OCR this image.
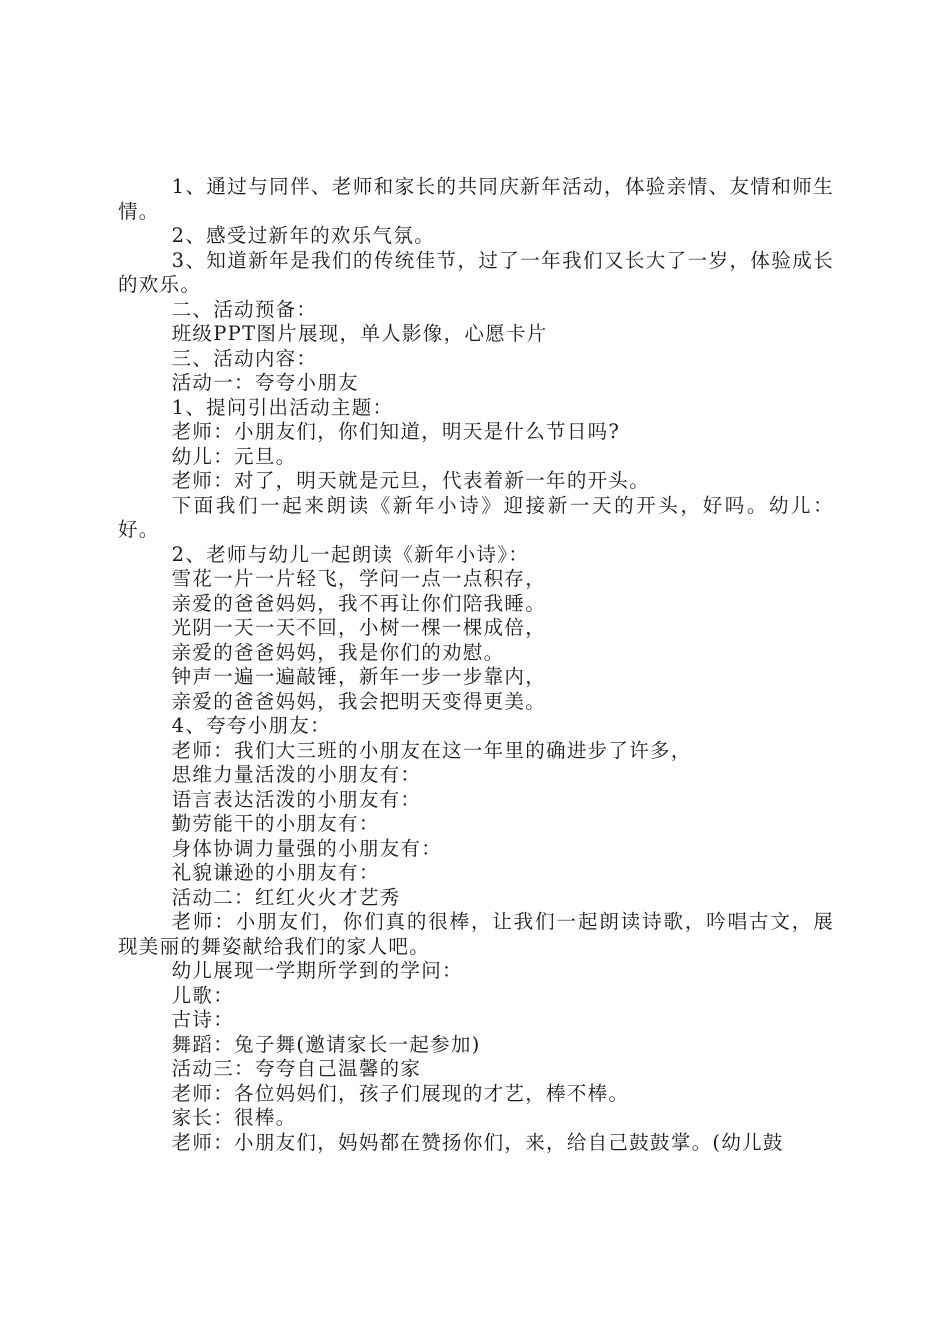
1、通过与同伴、老师和家长的共同庆新年活动，体验亲情、友情和师生情。

2、感受过新年的欢乐气氛。

3、知道新年是我们的传统佳节，过了一年我们又长大了一岁，体验成长的欢乐。

二、活动预备：

班级PPT图片展现，单人影像，心愿卡片

三、活动内容：

活动一：夸夸小朋友

1、提问引出活动主题：

老师：小朋友们，你们知道，明天是什么节日吗?

幼儿：元旦。

老师：对了，明天就是元旦，代表着新一年的开头。

下面我们一起来朗读《新年小诗》迎接新一天的开头，好吗。幼儿：好。

2、老师与幼儿一起朗读《新年小诗》：

雪花一片一片轻飞，学问一点一点积存，

亲爱的爸爸妈妈，我不再让你们陪我睡。

光阴一天一天不回，小树一棵一棵成倍，

亲爱的爸爸妈妈，我是你们的劝慰。

钟声一遍一遍敲锤，新年一步一步靠内，

亲爱的爸爸妈妈，我会把明天变得更美。

4、夸夸小朋友：

老师：我们大三班的小朋友在这一年里的确进步了许多，

思维力量活泼的小朋友有：

语言表达活泼的小朋友有：

勤劳能干的小朋友有：

身体协调力量强的小朋友有：

礼貌谦逊的小朋友有：

活动二：红红火火才艺秀

老师：小朋友们，你们真的很棒，让我们一起朗读诗歌，吟唱古文，展现美丽的舞姿献给我们的家人吧。

幼儿展现一学期所学到的学问：

儿歌：

古诗：

舞蹈：兔子舞(邀请家长一起参加)

活动三：夸夸自己温馨的家

老师：各位妈妈们，孩子们展现的才艺，棒不棒。

家长：很棒。

老师：小朋友们，妈妈都在赞扬你们，来，给自己鼓鼓掌。(幼儿鼓
